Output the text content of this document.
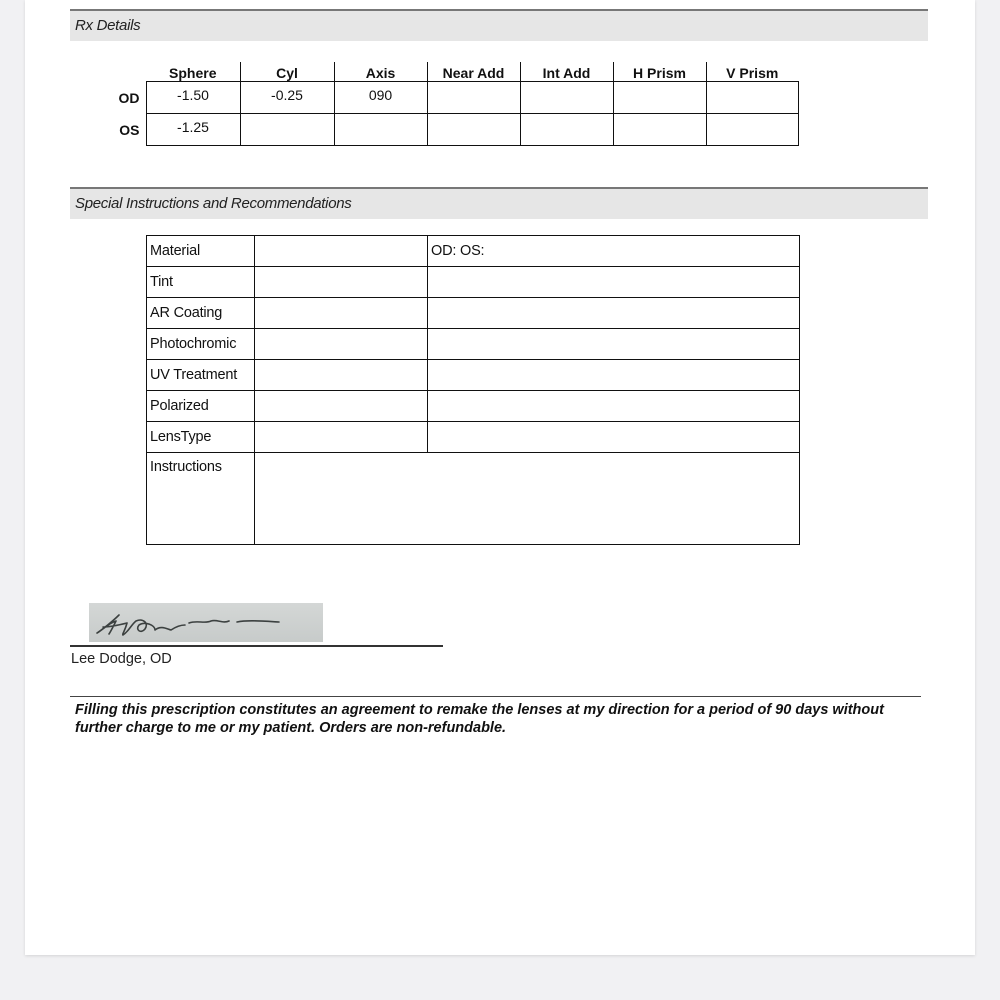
Rx Details
	Sphere	Cyl	Axis	Near Add	Int Add	H Prism	V Prism
OD	-1.50	-0.25	090				
OS	-1.25						
Special Instructions and Recommendations
Material		OD: OS:
Tint		
AR Coating		
Photochromic		
UV Treatment		
Polarized		
LensType		
Instructions		
Lee Dodge, OD
Filling this prescription constitutes an agreement to remake the lenses at my direction for a period of 90 days without further charge to me or my patient. Orders are non-refundable.
